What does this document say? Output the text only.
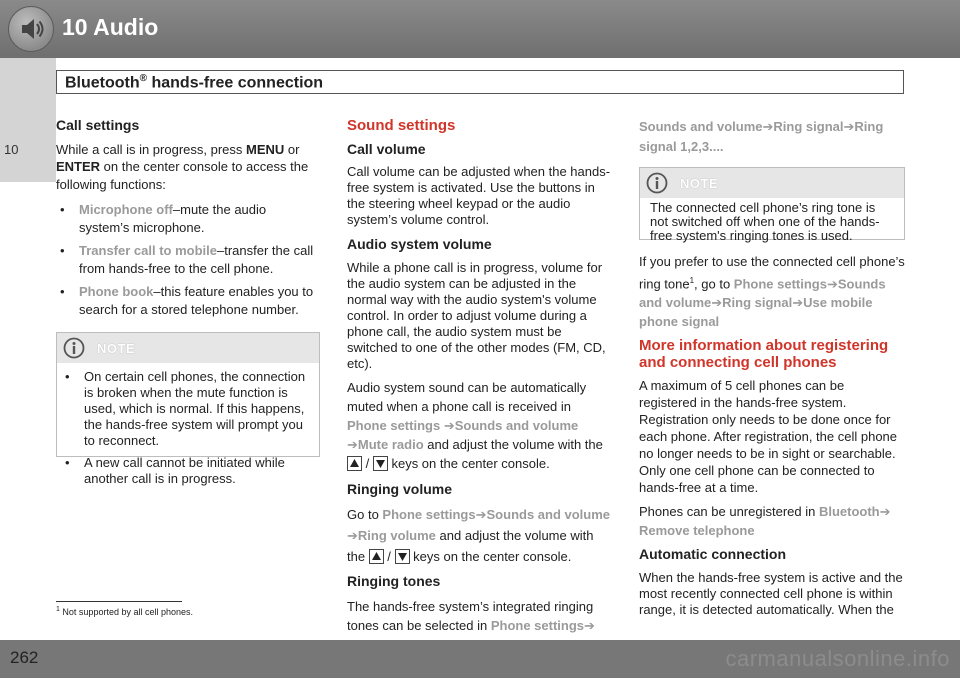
10 Audio
10
Bluetooth® hands-free connection

Call settings

While a call is in progress, press MENU or ENTER on the center console to access the following functions:

• Microphone off–mute the audio system’s microphone.
• Transfer call to mobile–transfer the call from hands-free to the cell phone.
• Phone book–this feature enables you to search for a stored telephone number.
NOTE
• On certain cell phones, the connection is broken when the mute function is used, which is normal. If this happens, the hands-free system will prompt you to reconnect.
• A new call cannot be initiated while another call is in progress.

Sound settings

Call volume

Call volume can be adjusted when the hands-free system is activated. Use the buttons in the steering wheel keypad or the audio system’s volume control.

Audio system volume

While a phone call is in progress, volume for the audio system can be adjusted in the normal way with the audio system's volume control. In order to adjust volume during a phone call, the audio system must be switched to one of the other modes (FM, CD, etc).

Audio system sound can be automatically muted when a phone call is received in Phone settings ➔Sounds and volume ➔Mute radio and adjust the volume with the
/
keys on the center console.

Ringing volume

Go to Phone settings➔Sounds and volume ➔Ring volume and adjust the volume with the
/
keys on the center console.

Ringing tones

The hands-free system’s integrated ringing tones can be selected in Phone settings➔

Sounds and volume➔Ring signal➔Ring signal 1,2,3....

NOTE
The connected cell phone’s ring tone is not switched off when one of the hands-free system's ringing tones is used.

If you prefer to use the connected cell phone’s ring tone$^1$, go to Phone settings➔Sounds and volume➔Ring signal➔Use mobile phone signal

More information about registering and connecting cell phones

A maximum of 5 cell phones can be registered in the hands-free system. Registration only needs to be done once for each phone. After registration, the cell phone no longer needs to be in sight or searchable. Only one cell phone can be connected to hands-free at a time.

Phones can be unregistered in Bluetooth➔ Remove telephone

Automatic connection

When the hands-free system is active and the most recently connected cell phone is within range, it is detected automatically. When the

$^1$ Not supported by all cell phones.
262	carmanualsonline.info
